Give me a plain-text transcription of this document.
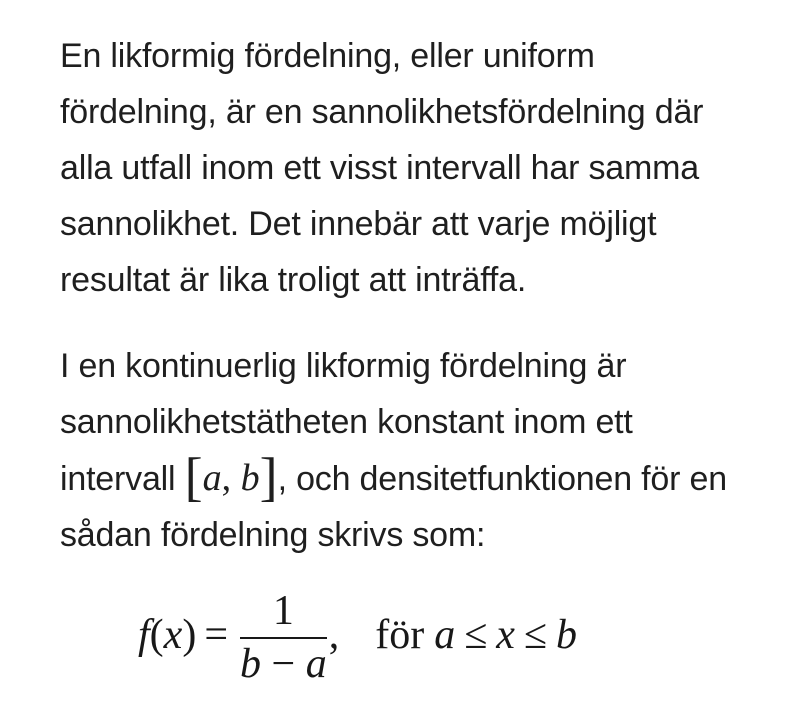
En likformig fördelning, eller uniform
fördelning, är en sannolikhetsfördelning där
alla utfall inom ett visst intervall har samma
sannolikhet. Det innebär att varje möjligt
resultat är lika troligt att inträffa.

I en kontinuerlig likformig fördelning är
sannolikhetstätheten konstant inom ett
intervall [a, b], och densitetfunktionen för en
sådan fördelning skrivs som:

$f(x) = \frac{1}{b - a}$ , för a ≤ x ≤ b
